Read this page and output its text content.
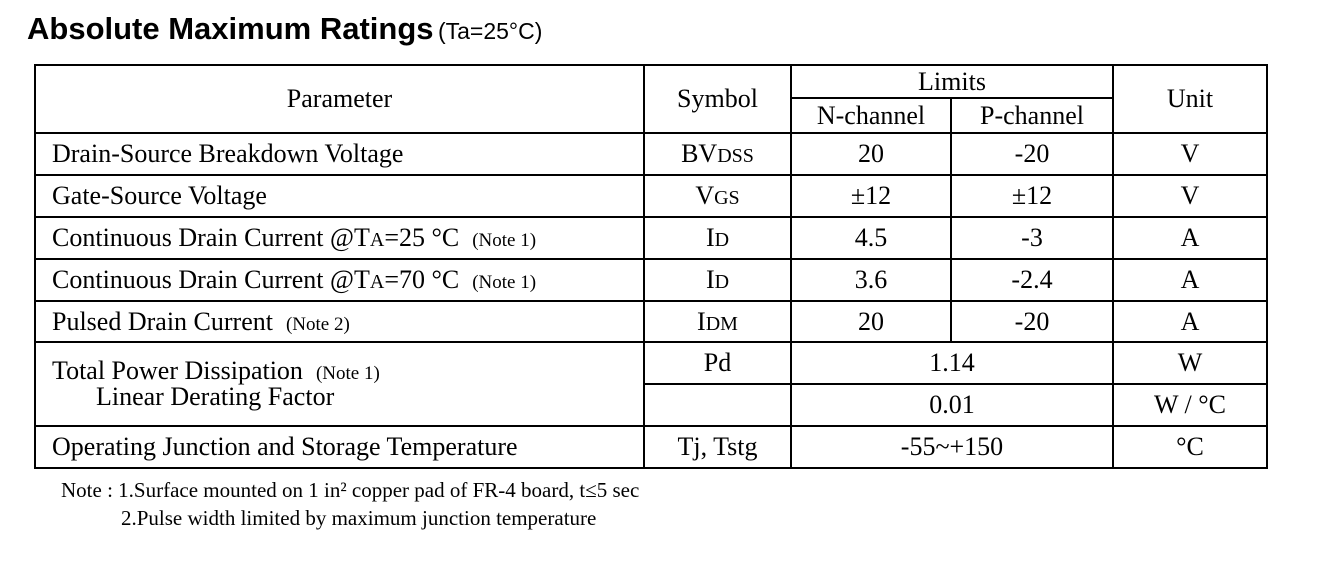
Absolute Maximum Ratings (Ta=25°C)
Parameter	Symbol	Limits		Unit
		N-channel	P-channel	
Drain-Source Breakdown Voltage	BVDSS	20	-20	V
Gate-Source Voltage	VGS	±12	±12	V
Continuous Drain Current @TA=25 °C (Note 1)	ID	4.5	-3	A
Continuous Drain Current @TA=70 °C (Note 1)	ID	3.6	-2.4	A
Pulsed Drain Current (Note 2)	IDM	20	-20	A
Total Power Dissipation (Note 1)
Linear Derating Factor	Pd	1.14		W
		0.01		W / °C
Operating Junction and Storage Temperature	Tj, Tstg	-55~+150		°C
Note : 1.Surface mounted on 1 in² copper pad of FR-4 board, t≤5 sec
2.Pulse width limited by maximum junction temperature
